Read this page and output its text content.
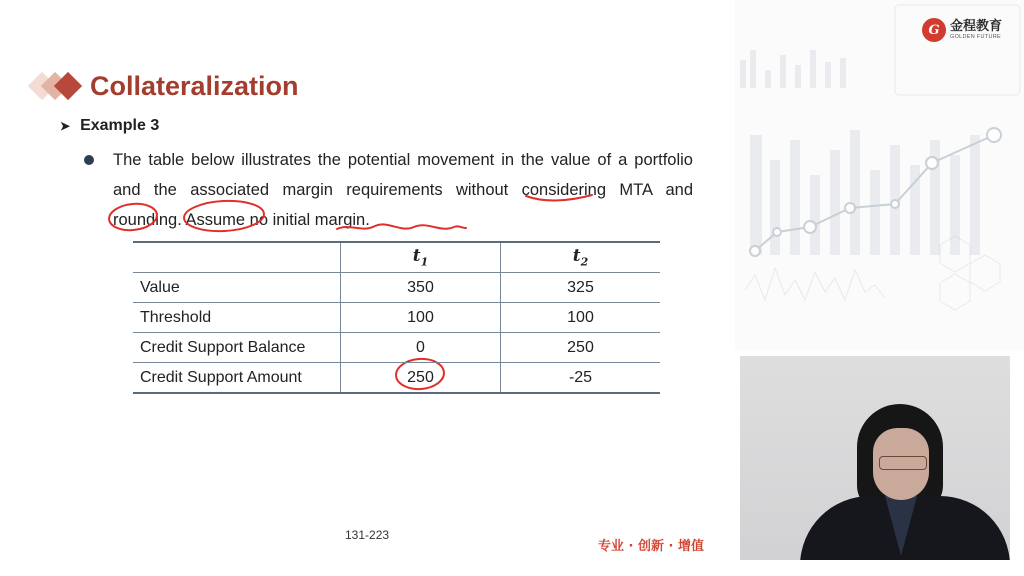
G 金程教育
GOLDEN FUTURE
Collateralization
➤ Example 3
The table below illustrates the potential movement in the value of a portfolio and the associated margin requirements without considering MTA and rounding. Assume no initial margin.
	$t_1$	$t_2$
Value	350	325
Threshold	100	100
Credit Support Balance	0	250
Credit Support Amount	250	-25
131-223
专业 · 创新 · 增值
